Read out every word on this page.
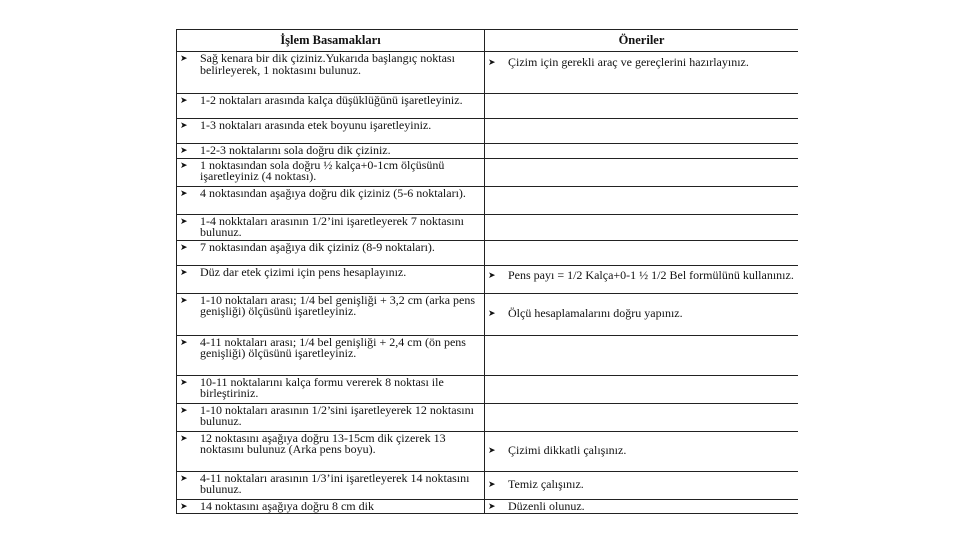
İşlem Basamakları	Öneriler

➤ Sağ kenara bir dik çiziniz.Yukarıda başlangıç noktası belirleyerek, 1 noktasını bulunuz.	➤ Çizim için gerekli araç ve gereçlerini hazırlayınız.

➤ 1-2 noktaları arasında kalça düşüklüğünü işaretleyiniz.	

➤ 1-3 noktaları arasında etek boyunu işaretleyiniz.	

➤ 1-2-3 noktalarını sola doğru dik çiziniz.	

➤ 1 noktasından sola doğru ½ kalça+0-1cm ölçüsünü işaretleyiniz (4 noktası).	

➤ 4 noktasından aşağıya doğru dik çiziniz (5-6 noktaları).	

➤ 1-4 nokktaları arasının 1/2’ini işaretleyerek 7 noktasını bulunuz.	

➤ 7 noktasından aşağıya dik çiziniz (8-9 noktaları).	

➤ Düz dar etek çizimi için pens hesaplayınız.	➤ Pens payı = 1/2 Kalça+0-1 ½ 1/2 Bel formülünü kullanınız.

➤ 1-10 noktaları arası; 1/4 bel genişliği + 3,2 cm (arka pens genişliği) ölçüsünü işaretleyiniz.	➤ Ölçü hesaplamalarını doğru yapınız.

➤ 4-11 noktaları arası; 1/4 bel genişliği + 2,4 cm (ön pens genişliği) ölçüsünü işaretleyiniz.	

➤ 10-11 noktalarını kalça formu vererek 8 noktası ile birleştiriniz.	

➤ 1-10 noktaları arasının 1/2’sini işaretleyerek 12 noktasını bulunuz.	

➤ 12 noktasını aşağıya doğru 13-15cm dik çizerek 13 noktasını bulunuz (Arka pens boyu).	➤ Çizimi dikkatli çalışınız.

➤ 4-11 noktaları arasının 1/3’ini işaretleyerek 14 noktasını bulunuz.	➤ Temiz çalışınız.

➤ 14 noktasını aşağıya doğru 8 cm dik	➤ Düzenli olunuz.
